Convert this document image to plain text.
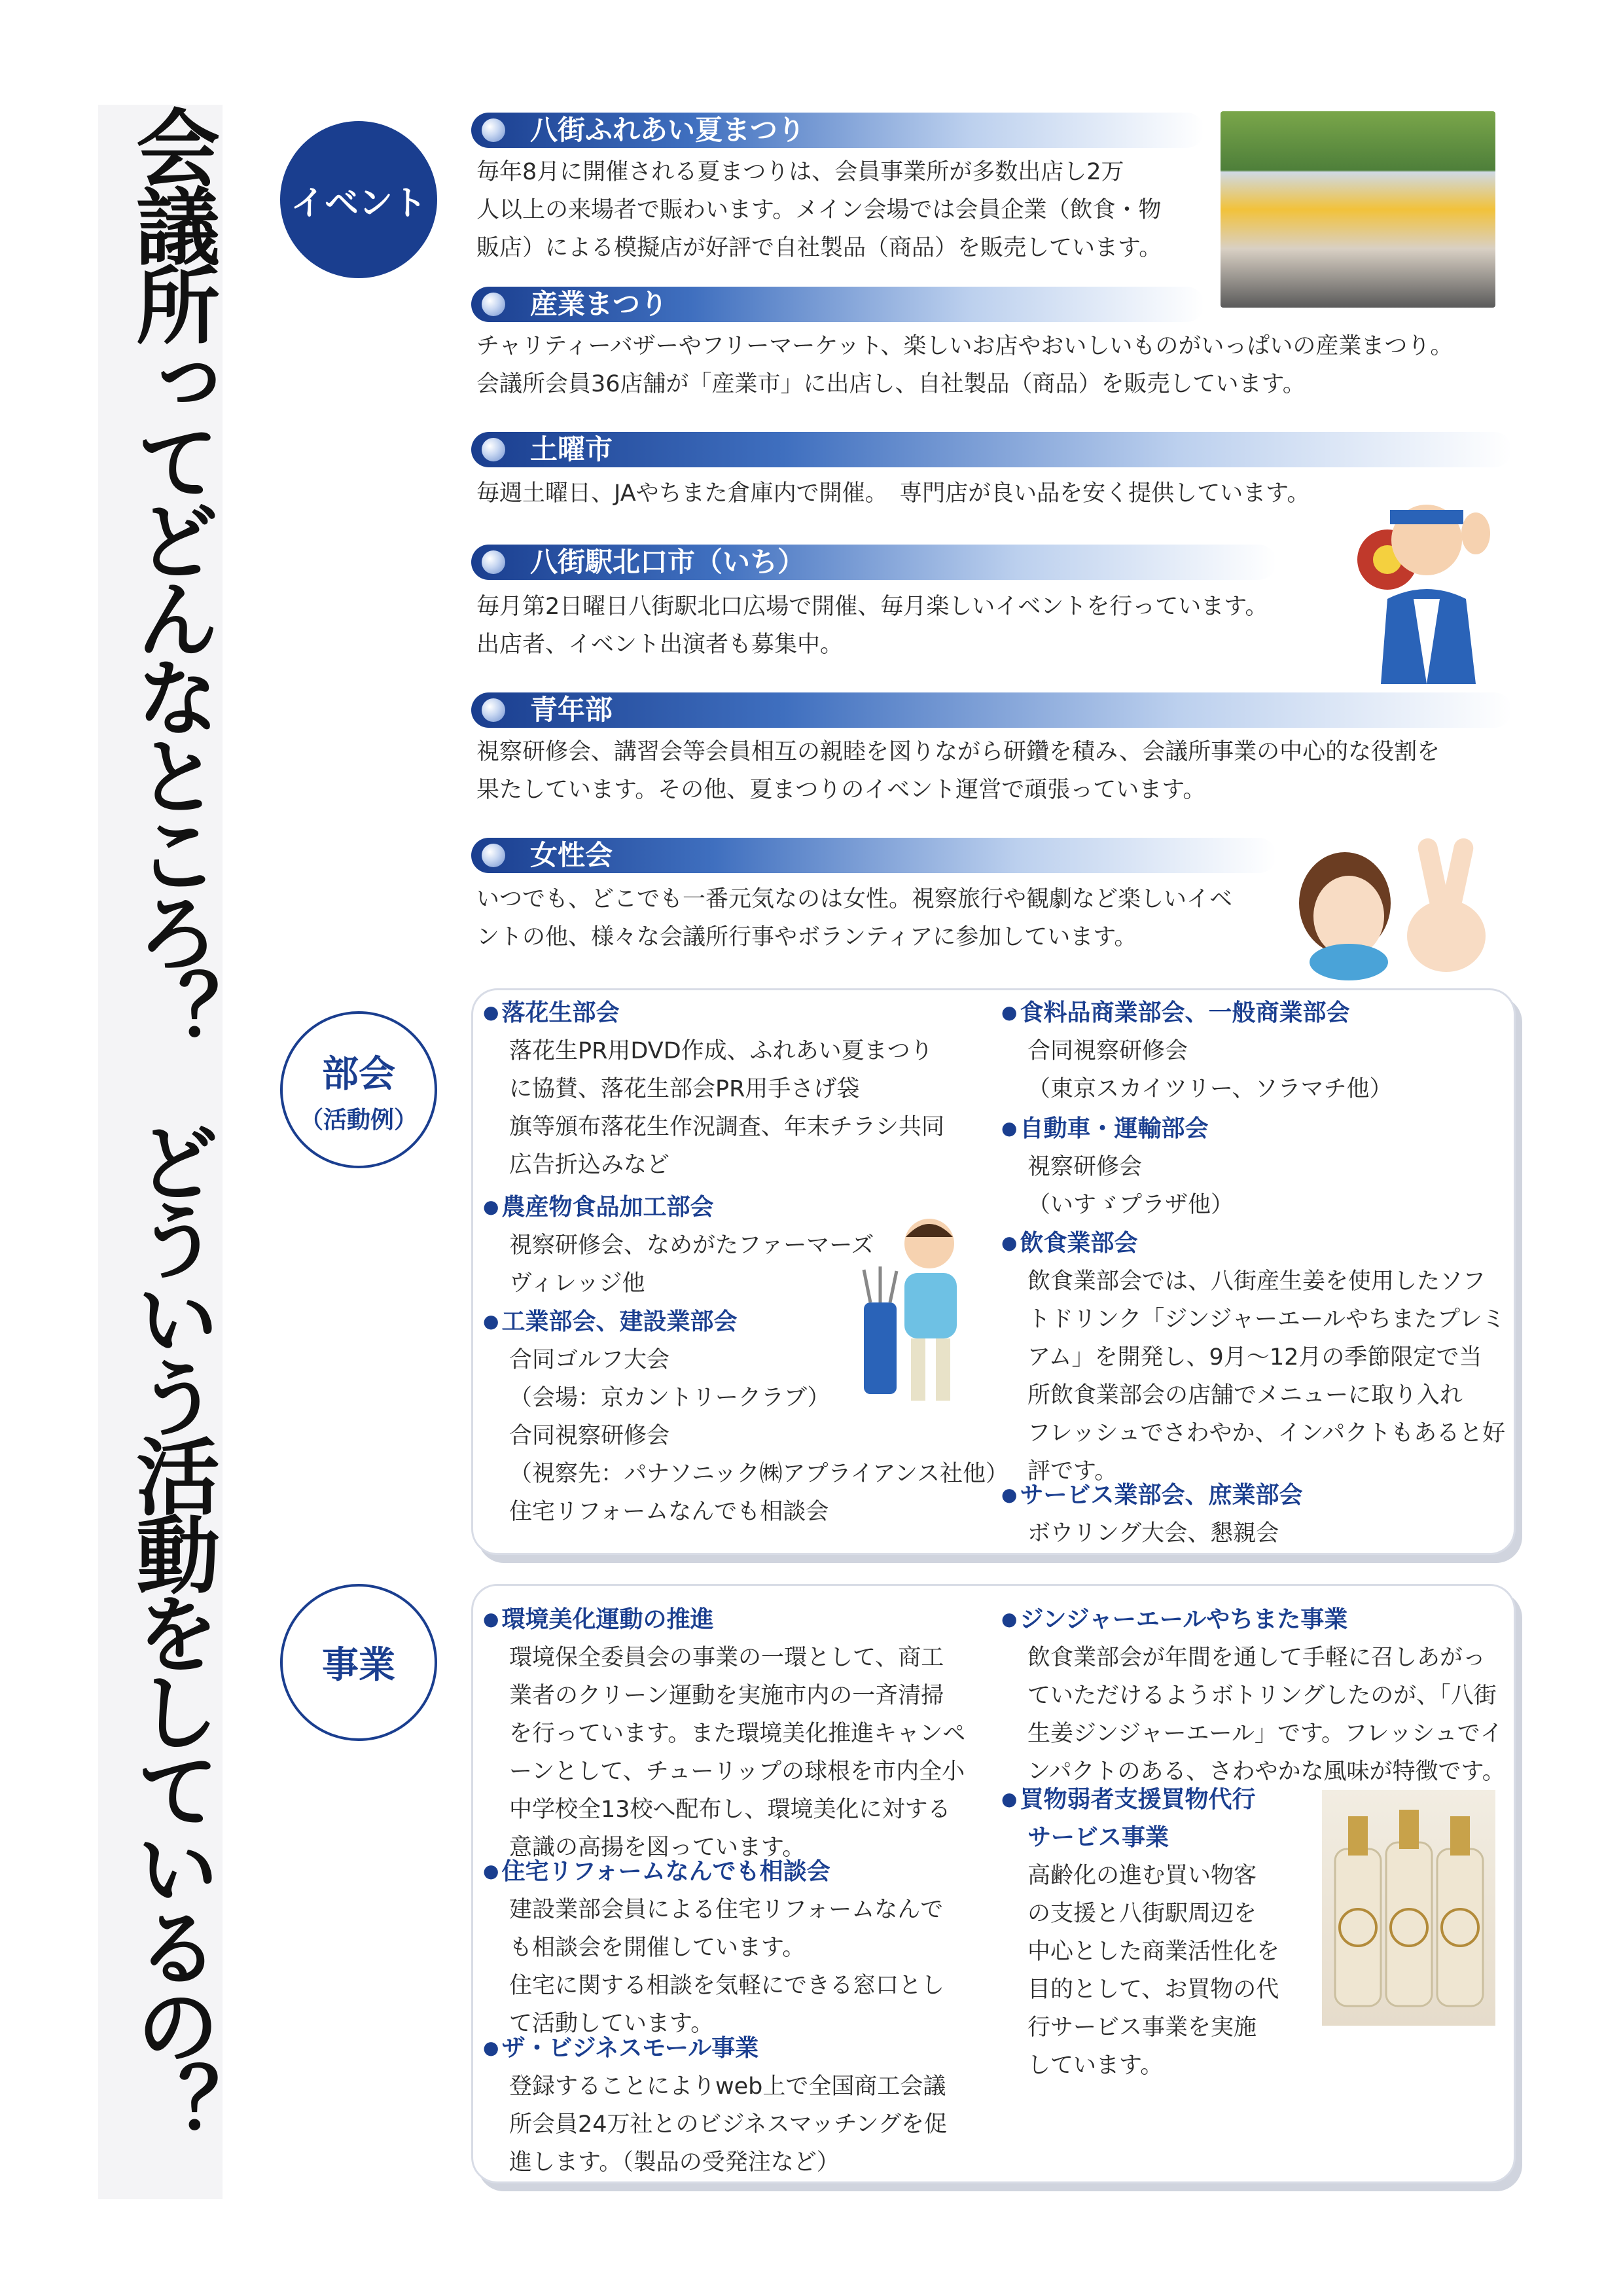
会議所ってどんなところ？どういう活動をしているの？
イベント
部会
（活動例）
事業
八街ふれあい夏まつり
毎年8月に開催される夏まつりは、会員事業所が多数出店し2万
人以上の来場者で賑わいます。メイン会場では会員企業（飲食・物
販店）による模擬店が好評で自社製品（商品）を販売しています。
産業まつり
チャリティーバザーやフリーマーケット、楽しいお店やおいしいものがいっぱいの産業まつり。
会議所会員36店舗が「産業市」に出店し、自社製品（商品）を販売しています。
土曜市
毎週土曜日、JAやちまた倉庫内で開催。　専門店が良い品を安く提供しています。
八街駅北口市（いち）
毎月第2日曜日八街駅北口広場で開催、毎月楽しいイベントを行っています。
出店者、イベント出演者も募集中。
青年部
視察研修会、講習会等会員相互の親睦を図りながら研鑽を積み、会議所事業の中心的な役割を
果たしています。その他、夏まつりのイベント運営で頑張っています。
女性会
いつでも、どこでも一番元気なのは女性。視察旅行や観劇など楽しいイベ
ントの他、様々な会議所行事やボランティアに参加しています。
● 落花生部会
落花生PR用DVD作成、ふれあい夏まつり
に協賛、落花生部会PR用手さげ袋
旗等頒布落花生作況調査、年末チラシ共同
広告折込みなど
● 農産物食品加工部会
視察研修会、なめがたファーマーズ
ヴィレッジ他
● 工業部会、建設業部会
合同ゴルフ大会
（会場：京カントリークラブ）
合同視察研修会
（視察先：パナソニック㈱アプライアンス社他）
住宅リフォームなんでも相談会
● 食料品商業部会、一般商業部会
合同視察研修会
（東京スカイツリー、ソラマチ他）
● 自動車・運輸部会
視察研修会
（いすゞプラザ他）
● 飲食業部会
飲食業部会では、八街産生姜を使用したソフ
トドリンク「ジンジャーエールやちまたプレミ
アム」を開発し、9月～12月の季節限定で当
所飲食業部会の店舗でメニューに取り入れ
フレッシュでさわやか、インパクトもあると好
評です。
● サービス業部会、庶業部会
ボウリング大会、懇親会
● 環境美化運動の推進
環境保全委員会の事業の一環として、商工
業者のクリーン運動を実施市内の一斉清掃
を行っています。また環境美化推進キャンペ
ーンとして、チューリップの球根を市内全小
中学校全13校へ配布し、環境美化に対する
意識の高揚を図っています。
● 住宅リフォームなんでも相談会
建設業部会員による住宅リフォームなんで
も相談会を開催しています。
住宅に関する相談を気軽にできる窓口とし
て活動しています。
● ザ・ビジネスモール事業
登録することによりweb上で全国商工会議
所会員24万社とのビジネスマッチングを促
進します。（製品の受発注など）
● ジンジャーエールやちまた事業
飲食業部会が年間を通して手軽に召しあがっ
ていただけるようボトリングしたのが、「八街
生姜ジンジャーエール」です。フレッシュでイ
ンパクトのある、さわやかな風味が特徴です。
● 買物弱者支援買物代行
サービス事業
高齢化の進む買い物客
の支援と八街駅周辺を
中心とした商業活性化を
目的として、お買物の代
行サービス事業を実施
しています。
